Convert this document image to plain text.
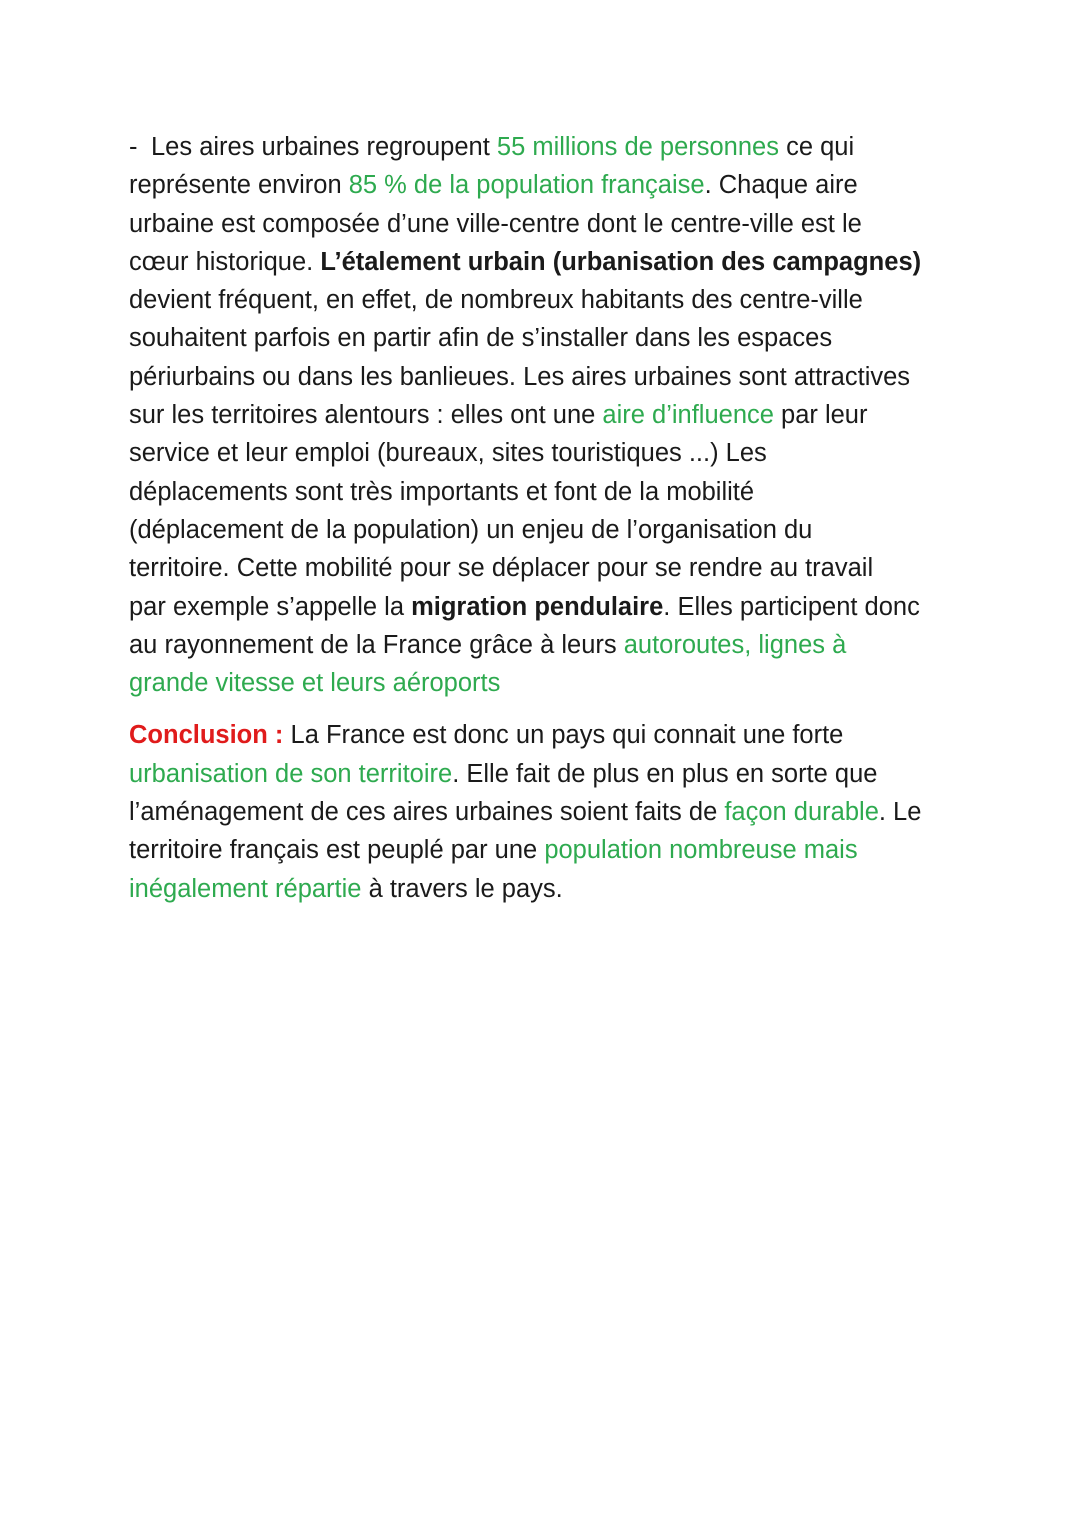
- Les aires urbaines regroupent 55 millions de personnes ce qui
représente environ 85 % de la population française. Chaque aire
urbaine est composée d’une ville-centre dont le centre-ville est le
cœur historique. L’étalement urbain (urbanisation des campagnes)
devient fréquent, en effet, de nombreux habitants des centre-ville
souhaitent parfois en partir afin de s’installer dans les espaces
périurbains ou dans les banlieues. Les aires urbaines sont attractives
sur les territoires alentours : elles ont une aire d’influence par leur
service et leur emploi (bureaux, sites touristiques ...) Les
déplacements sont très importants et font de la mobilité
(déplacement de la population) un enjeu de l’organisation du
territoire. Cette mobilité pour se déplacer pour se rendre au travail
par exemple s’appelle la migration pendulaire. Elles participent donc
au rayonnement de la France grâce à leurs autoroutes, lignes à
grande vitesse et leurs aéroports
Conclusion : La France est donc un pays qui connait une forte
urbanisation de son territoire. Elle fait de plus en plus en sorte que
l’aménagement de ces aires urbaines soient faits de façon durable. Le
territoire français est peuplé par une population nombreuse mais
inégalement répartie à travers le pays.
